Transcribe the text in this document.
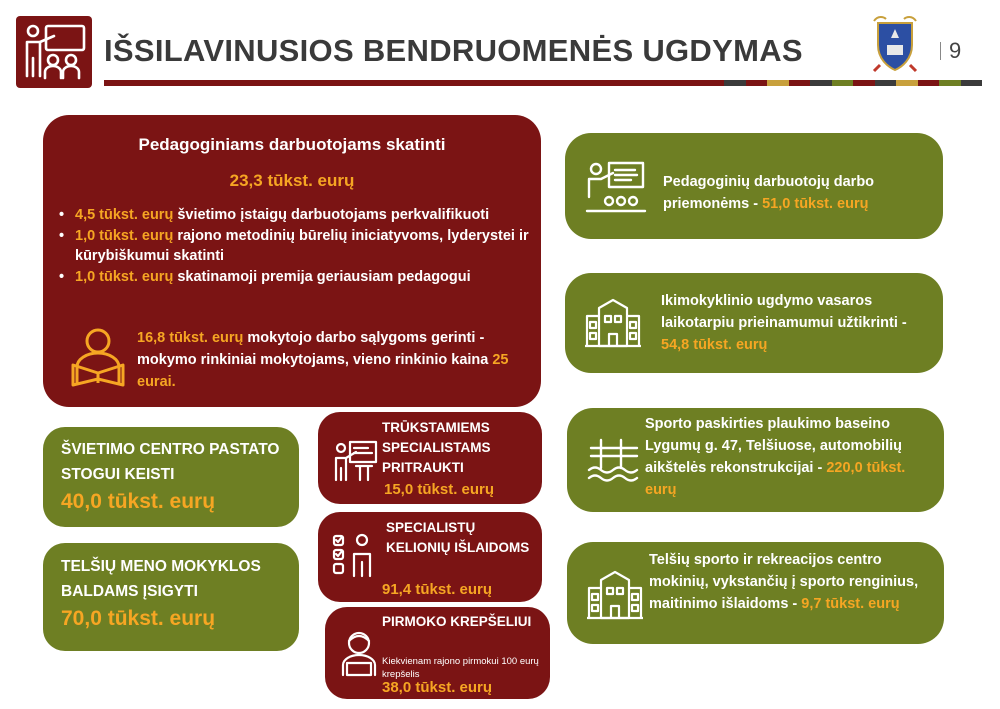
IŠSILAVINUSIOS BENDRUOMENĖS UGDYMAS	9
Pedagoginiams darbuotojams skatinti
23,3 tūkst. eurų
• 4,5 tūkst. eurų švietimo įstaigų darbuotojams perkvalifikuoti
• 1,0 tūkst. eurų rajono metodinių būrelių iniciatyvoms, lyderystei ir kūrybiškumui skatinti
• 1,0 tūkst. eurų skatinamoji premija geriausiam pedagogui
16,8 tūkst. eurų mokytojo darbo sąlygoms gerinti - mokymo rinkiniai mokytojams, vieno rinkinio kaina 25 eurai.
ŠVIETIMO CENTRO PASTATO STOGUI KEISTI
40,0 tūkst. eurų
TELŠIŲ MENO MOKYKLOS BALDAMS ĮSIGYTI
70,0 tūkst. eurų
TRŪKSTAMIEMS SPECIALISTAMS PRITRAUKTI
15,0 tūkst. eurų
SPECIALISTŲ KELIONIŲ IŠLAIDOMS
91,4 tūkst. eurų
PIRMOKO KREPŠELIUI
Kiekvienam rajono pirmokui 100 eurų krepšelis
38,0 tūkst. eurų
Pedagoginių darbuotojų darbo priemonėms - 51,0 tūkst. eurų
Ikimokyklinio ugdymo vasaros laikotarpiu prieinamumui užtikrinti - 54,8 tūkst. eurų
Sporto paskirties plaukimo baseino Lygumų g. 47, Telšiuose, automobilių aikštelės rekonstrukcijai - 220,0 tūkst. eurų
Telšių sporto ir rekreacijos centro mokinių, vykstančių į sporto renginius, maitinimo išlaidoms - 9,7 tūkst. eurų
